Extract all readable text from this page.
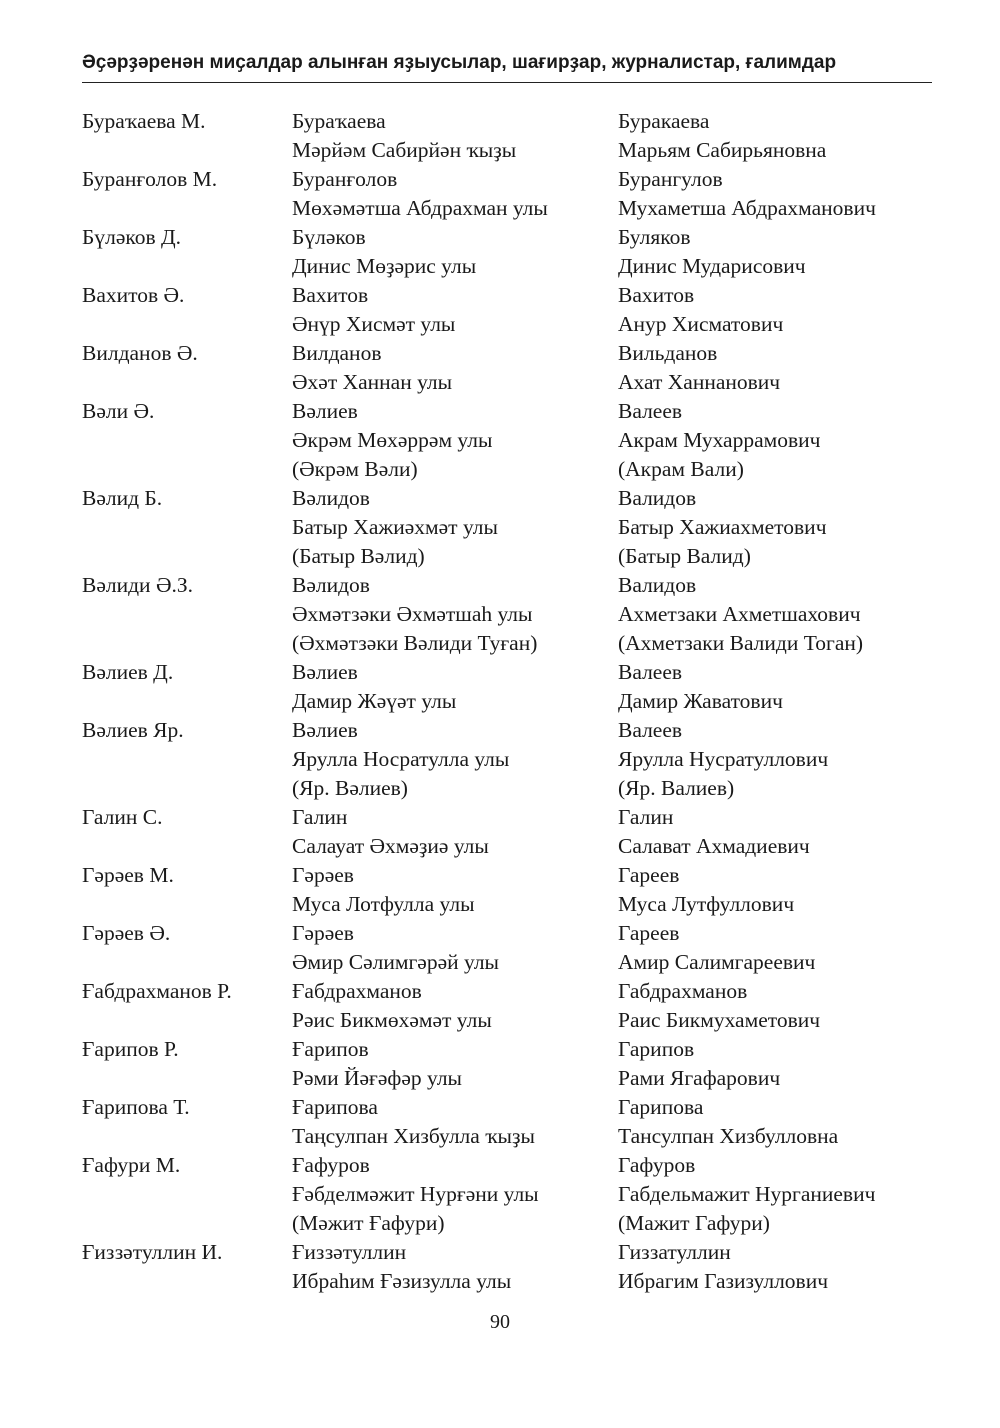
Әҫәрҙәренән миҫалдар алынған яҙыусылар, шағирҙар, журналистар, ғалимдар
Бураҡаева М.	Бураҡаева	Буракаева
Мәрйәм Сабирйән ҡыҙы	Марьям Сабирьяновна
Буранғолов М.	Буранғолов	Бурангулов
Мөхәмәтша Абдрахман улы	Мухаметша Абдрахманович
Бүләков Д.	Бүләков	Буляков
Динис Мөҙәрис улы	Динис Мударисович
Вахитов Ә.	Вахитов	Вахитов
Әнүр Хисмәт улы	Анур Хисматович
Вилданов Ә.	Вилданов	Вильданов
Әхәт Ханнан улы	Ахат Ханнанович
Вәли Ә.	Вәлиев	Валеев
Әкрәм Мөхәррәм улы	Акрам Мухаррамович
(Әкрәм Вәли)	(Акрам Вали)
Вәлид Б.	Вәлидов	Валидов
Батыр Хажиәхмәт улы	Батыр Хажиахметович
(Батыр Вәлид)	(Батыр Валид)
Вәлиди Ә.З.	Вәлидов	Валидов
Әхмәтзәки Әхмәтшаһ улы	Ахметзаки Ахметшахович
(Әхмәтзәки Вәлиди Туған)	(Ахметзаки Валиди Тоган)
Вәлиев Д.	Вәлиев	Валеев
Дамир Жәүәт улы	Дамир Жаватович
Вәлиев Яр.	Вәлиев	Валеев
Ярулла Носратулла улы	Ярулла Нусратуллович
(Яр. Вәлиев)	(Яр. Валиев)
Галин С.	Галин	Галин
Салауат Әхмәҙиә улы	Салават Ахмадиевич
Гәрәев М.	Гәрәев	Гареев
Муса Лотфулла улы	Муса Лутфуллович
Гәрәев Ә.	Гәрәев	Гареев
Әмир Сәлимгәрәй улы	Амир Салимгареевич
Ғабдрахманов Р.	Ғабдрахманов	Габдрахманов
Рәис Бикмөхәмәт улы	Раис Бикмухаметович
Ғарипов Р.	Ғарипов	Гарипов
Рәми Йәғәфәр улы	Рами Ягафарович
Ғарипова Т.	Ғарипова	Гарипова
Таңсулпан Хизбулла ҡыҙы	Тансулпан Хизбулловна
Ғафури М.	Ғафуров	Гафуров
Ғәбделмәжит Нурғәни улы	Габдельмажит Нурганиевич
(Мәжит Ғафури)	(Мажит Гафури)
Ғиззәтуллин И.	Ғиззәтуллин	Гиззатуллин
Ибраһим Ғәзизулла улы	Ибрагим Газизуллович
90
